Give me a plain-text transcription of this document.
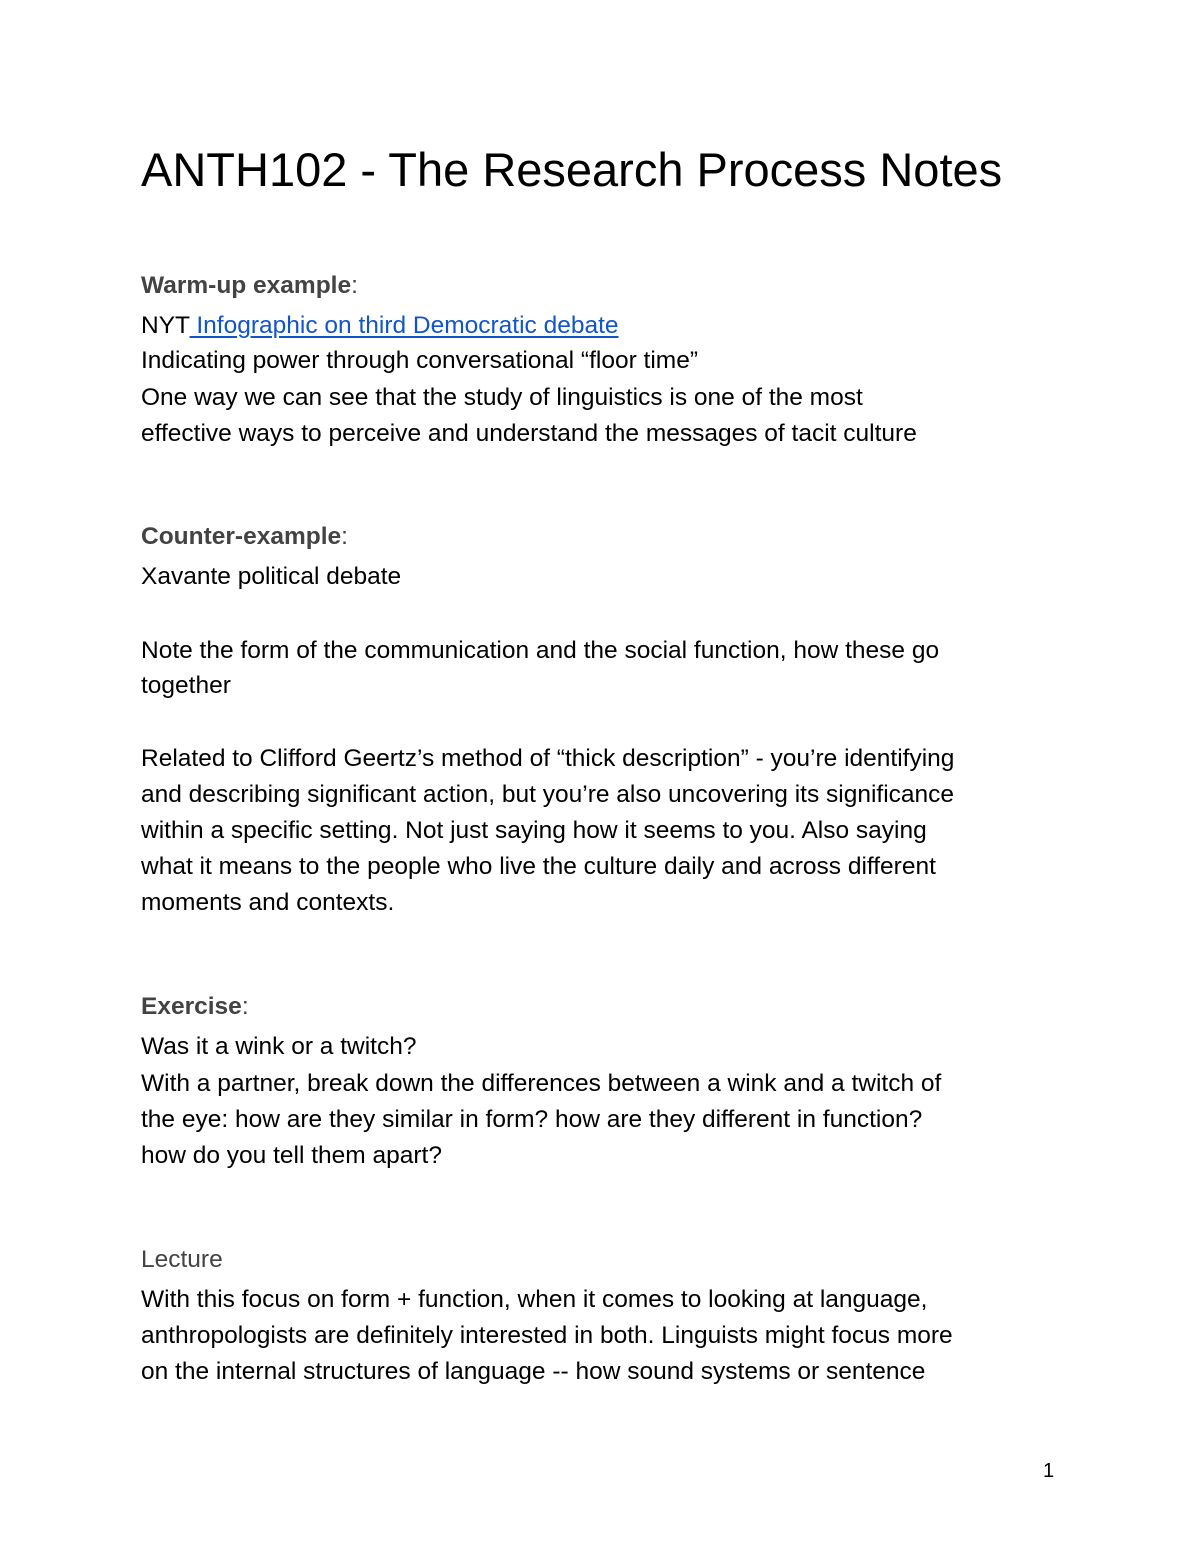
ANTH102 - The Research Process Notes
Warm-up example:
NYT Infographic on third Democratic debate
Indicating power through conversational “floor time”
One way we can see that the study of linguistics is one of the most
effective ways to perceive and understand the messages of tacit culture
Counter-example:
Xavante political debate
Note the form of the communication and the social function, how these go
together
Related to Clifford Geertz’s method of “thick description” - you’re identifying
and describing significant action, but you’re also uncovering its significance
within a specific setting. Not just saying how it seems to you. Also saying
what it means to the people who live the culture daily and across different
moments and contexts.
Exercise:
Was it a wink or a twitch?
With a partner, break down the differences between a wink and a twitch of
the eye: how are they similar in form? how are they different in function?
how do you tell them apart?
Lecture
With this focus on form + function, when it comes to looking at language,
anthropologists are definitely interested in both. Linguists might focus more
on the internal structures of language -- how sound systems or sentence
1
